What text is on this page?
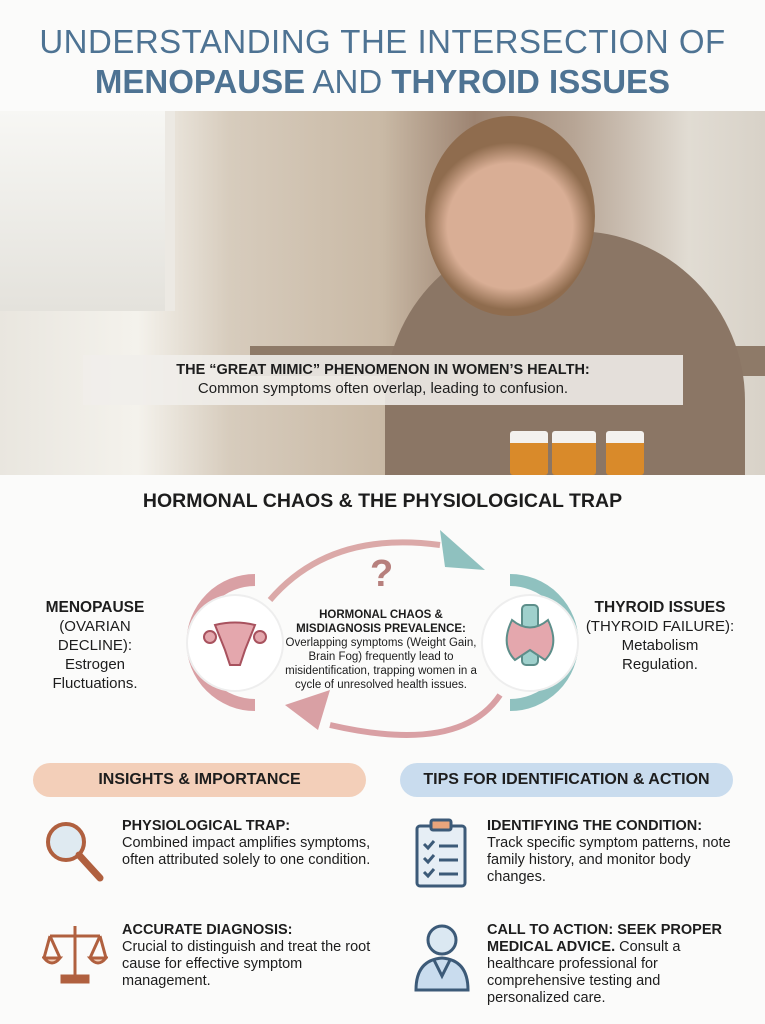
UNDERSTANDING THE INTERSECTION OF
MENOPAUSE AND THYROID ISSUES
THE “GREAT MIMIC” PHENOMENON IN WOMEN’S HEALTH:
Common symptoms often overlap, leading to confusion.
HORMONAL CHAOS & THE PHYSIOLOGICAL TRAP
?
MENOPAUSE
(OVARIAN DECLINE):
Estrogen
Fluctuations.
THYROID ISSUES
(THYROID FAILURE):
Metabolism
Regulation.
HORMONAL CHAOS & MISDIAGNOSIS PREVALENCE:
Overlapping symptoms (Weight Gain, Brain Fog) frequently lead to misidentification, trapping women in a cycle of unresolved health issues.
INSIGHTS & IMPORTANCE	TIPS FOR IDENTIFICATION & ACTION
PHYSIOLOGICAL TRAP:
Combined impact amplifies symptoms, often attributed solely to one condition.
ACCURATE DIAGNOSIS:
Crucial to distinguish and treat the root cause for effective symptom management.
IDENTIFYING THE CONDITION:
Track specific symptom patterns, note family history, and monitor body changes.
CALL TO ACTION: SEEK PROPER MEDICAL ADVICE. Consult a healthcare professional for comprehensive testing and personalized care.
